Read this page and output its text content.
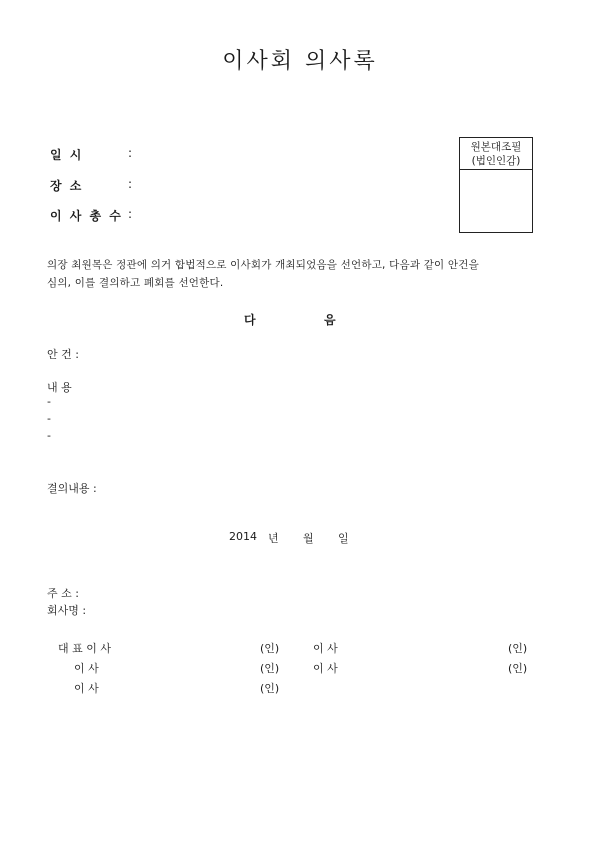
이사회 의사록
일 시	:
장 소	:
이 사 총 수 :
원본대조필
(법인인감)
의장 최원목은 정관에 의거 합법적으로 이사회가 개최되었음을 선언하고, 다음과 같이 안건을
심의, 이를 결의하고 폐회를 선언한다.
다	음
안 건 :
내 용
-
-
-
결의내용 :
2014 년 월 일
주 소 :
회사명 :
대 표 이 사	(인)	이 사	(인)
이 사	(인)	이 사	(인)
이 사	(인)
